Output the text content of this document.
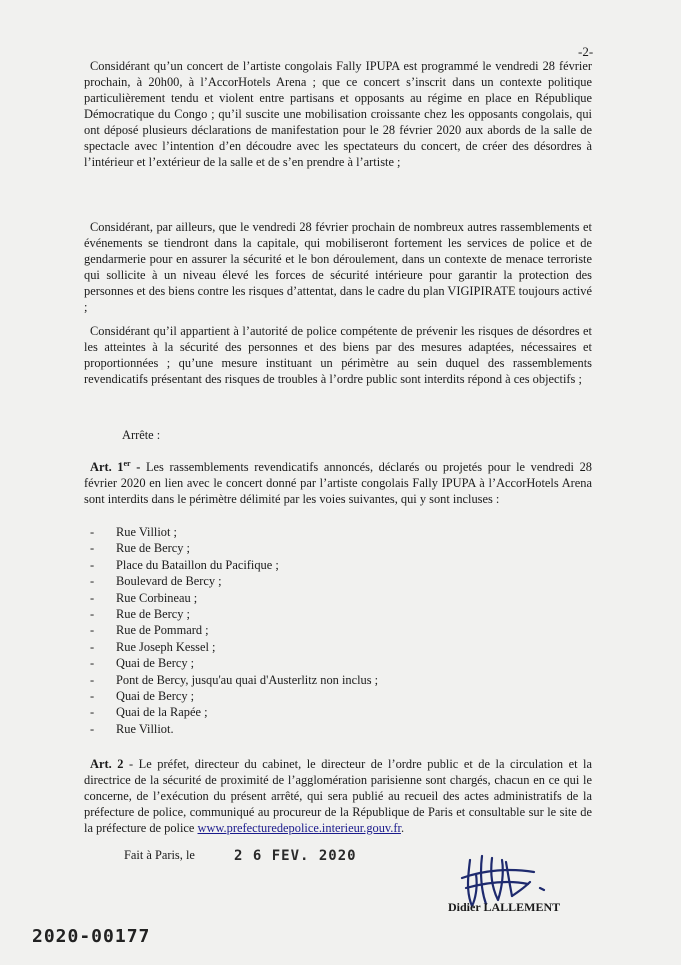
-2-
Considérant qu’un concert de l’artiste congolais Fally IPUPA est programmé le vendredi 28 février prochain, à 20h00, à l’AccorHotels Arena ; que ce concert s’inscrit dans un contexte politique particulièrement tendu et violent entre partisans et opposants au régime en place en République Démocratique du Congo ; qu’il suscite une mobilisation croissante chez les opposants congolais, qui ont déposé plusieurs déclarations de manifestation pour le 28 février 2020 aux abords de la salle de spectacle avec l’intention d’en découdre avec les spectateurs du concert, de créer des désordres à l’intérieur et l’extérieur de la salle et de s’en prendre à l’artiste ;
Considérant, par ailleurs, que le vendredi 28 février prochain de nombreux autres rassemblements et événements se tiendront dans la capitale, qui mobiliseront fortement les services de police et de gendarmerie pour en assurer la sécurité et le bon déroulement, dans un contexte de menace terroriste qui sollicite à un niveau élevé les forces de sécurité intérieure pour garantir la protection des personnes et des biens contre les risques d’attentat, dans le cadre du plan VIGIPIRATE toujours activé ;
Considérant qu’il appartient à l’autorité de police compétente de prévenir les risques de désordres et les atteintes à la sécurité des personnes et des biens par des mesures adaptées, nécessaires et proportionnées ; qu’une mesure instituant un périmètre au sein duquel des rassemblements revendicatifs présentant des risques de troubles à l’ordre public sont interdits répond à ces objectifs ;
Arrête :
Art. 1er - Les rassemblements revendicatifs annoncés, déclarés ou projetés pour le vendredi 28 février 2020 en lien avec le concert donné par l’artiste congolais Fally IPUPA à l’AccorHotels Arena sont interdits dans le périmètre délimité par les voies suivantes, qui y sont incluses :
-	Rue Villiot ;
-	Rue de Bercy ;
-	Place du Bataillon du Pacifique ;
-	Boulevard de Bercy ;
-	Rue Corbineau ;
-	Rue de Bercy ;
-	Rue de Pommard ;
-	Rue Joseph Kessel ;
-	Quai de Bercy ;
-	Pont de Bercy, jusqu'au quai d'Austerlitz non inclus ;
-	Quai de Bercy ;
-	Quai de la Rapée ;
-	Rue Villiot.
Art. 2 - Le préfet, directeur du cabinet, le directeur de l’ordre public et de la circulation et la directrice de la sécurité de proximité de l’agglomération parisienne sont chargés, chacun en ce qui le concerne, de l’exécution du présent arrêté, qui sera publié au recueil des actes administratifs de la préfecture de police, communiqué au procureur de la République de Paris et consultable sur le site de la préfecture de police www.prefecturedepolice.interieur.gouv.fr.
Fait à Paris, le	2 6 FEV. 2020
Didier LALLEMENT
2020-00177
